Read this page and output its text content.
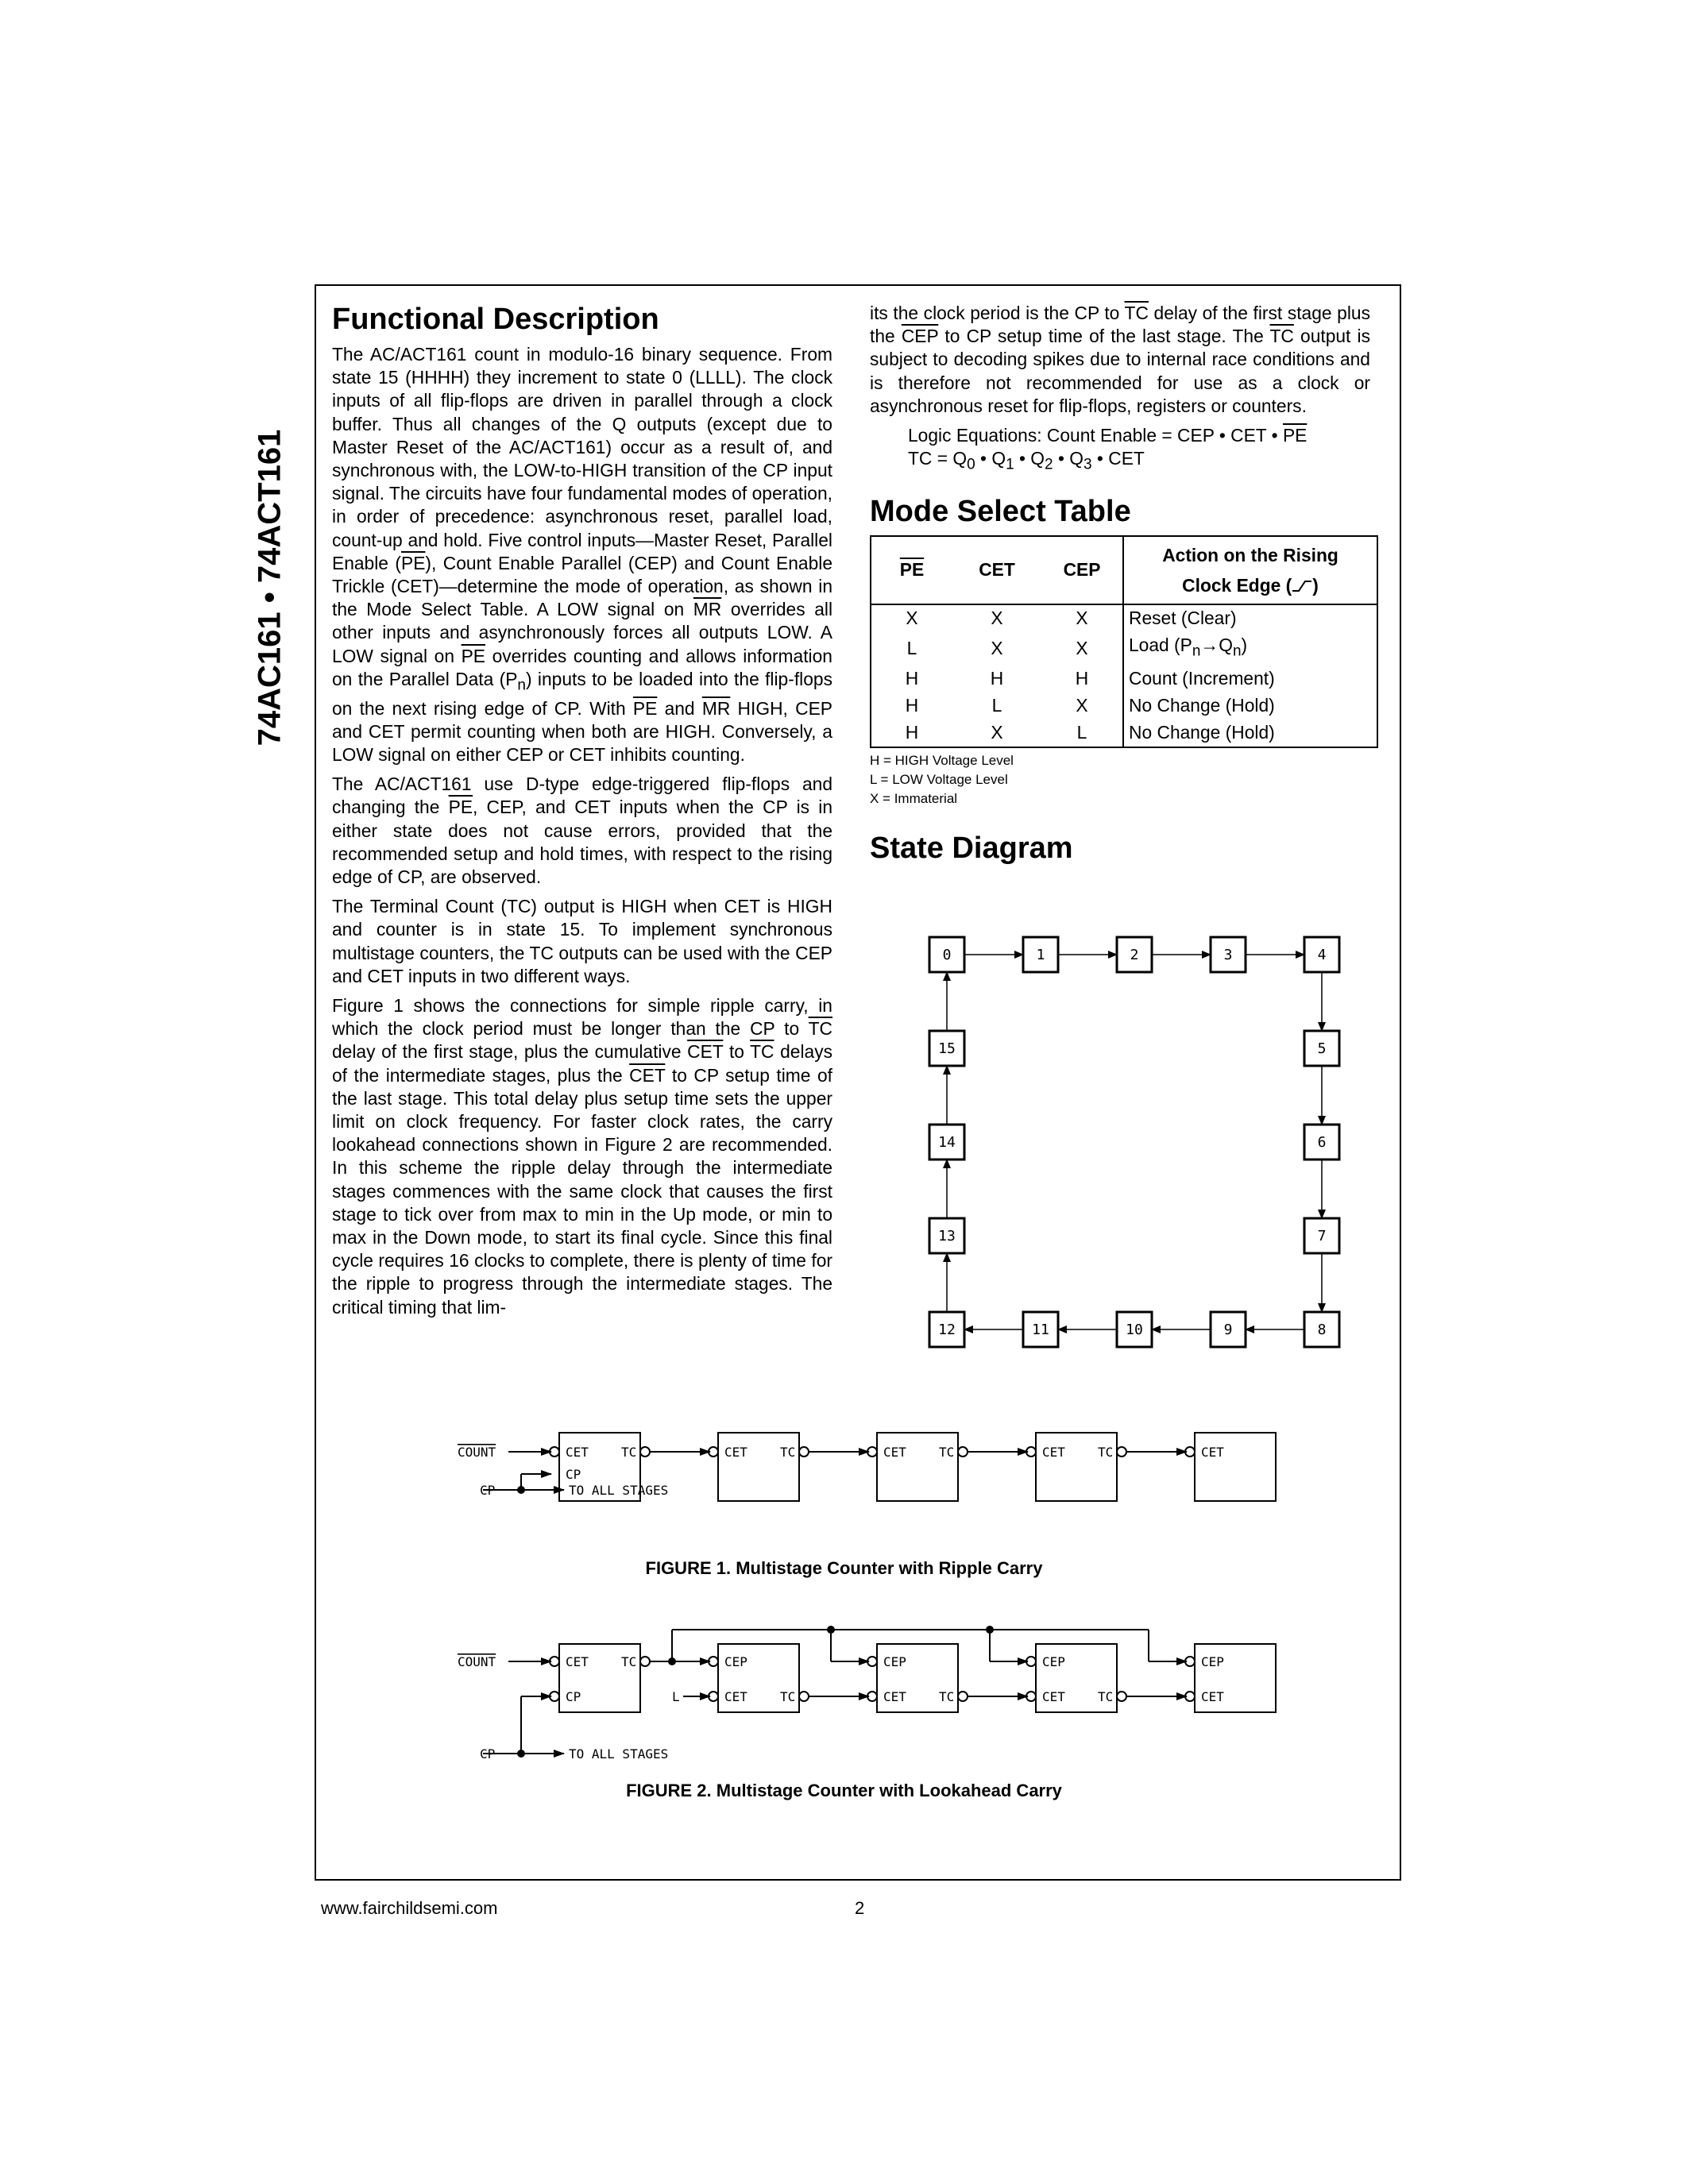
74AC161 • 74ACT161
Functional Description

The AC/ACT161 count in modulo-16 binary sequence. From state 15 (HHHH) they increment to state 0 (LLLL). The clock inputs of all flip-flops are driven in parallel through a clock buffer. Thus all changes of the Q outputs (except due to Master Reset of the AC/ACT161) occur as a result of, and synchronous with, the LOW-to-HIGH transition of the CP input signal. The circuits have four fundamental modes of operation, in order of precedence: asynchronous reset, parallel load, count-up and hold. Five control inputs—Master Reset, Parallel Enable $(\overline{PE})$, Count Enable Parallel (CEP) and Count Enable Trickle (CET)—determine the mode of operation, as shown in the Mode Select Table. A LOW signal on $\overline{MR}$ overrides all other inputs and asynchronously forces all outputs LOW. A LOW signal on $\overline{PE}$ overrides counting and allows information on the Parallel Data $(P_n)$ inputs to be loaded into the flip-flops on the next rising edge of CP. With $\overline{PE}$ and $\overline{MR}$ HIGH, CEP and CET permit counting when both are HIGH. Conversely, a LOW signal on either CEP or CET inhibits counting.

The AC/ACT161 use D-type edge-triggered flip-flops and changing the $\overline{PE}$, CEP, and CET inputs when the CP is in either state does not cause errors, provided that the recommended setup and hold times, with respect to the rising edge of CP, are observed.

The Terminal Count (TC) output is HIGH when CET is HIGH and counter is in state 15. To implement synchronous multistage counters, the TC outputs can be used with the CEP and CET inputs in two different ways.

Figure 1 shows the connections for simple ripple carry, in which the clock period must be longer than the CP to $\overline{TC}$ delay of the first stage, plus the cumulative $\overline{CET}$ to $\overline{TC}$ delays of the intermediate stages, plus the $\overline{CET}$ to CP setup time of the last stage. This total delay plus setup time sets the upper limit on clock frequency. For faster clock rates, the carry lookahead connections shown in Figure 2 are recommended. In this scheme the ripple delay through the intermediate stages commences with the same clock that causes the first stage to tick over from max to min in the Up mode, or min to max in the Down mode, to start its final cycle. Since this final cycle requires 16 clocks to complete, there is plenty of time for the ripple to progress through the intermediate stages. The critical timing that lim-

its the clock period is the CP to $\overline{TC}$ delay of the first stage plus the $\overline{CEP}$ to CP setup time of the last stage. The $\overline{TC}$ output is subject to decoding spikes due to internal race conditions and is therefore not recommended for use as a clock or asynchronous reset for flip-flops, registers or counters.

Logic Equations: Count Enable = CEP • CET • $\overline{PE}$

TC = $Q_0$ • $Q_1$ • $Q_2$ • $Q_3$ • CET

Mode Select Table
$\overline{PE}$	CET	CEP	Action on the Rising
Clock Edge ( )
X	X	X	Reset (Clear)
L	X	X	Load $(P_n\to Q_n)$
H	H	H	Count (Increment)
H	L	X	No Change (Hold)
H	X	L	No Change (Hold)
H = HIGH Voltage Level
L = LOW Voltage Level
X = Immaterial
State Diagram
0	1	2	3	4
5
6
7
8
9
10
11
12
13
14
15
COUNT
CP	TO ALL STAGES
CET	TC
CP
CET	TC	CET	TC	CET	TC	CET
FIGURE 1. Multistage Counter with Ripple Carry
COUNT
CP	TO ALL STAGES
CET	TC
CP	L
CEP
CET	TC
CEP
CET	TC
CEP
CET	TC
CEP
CET
FIGURE 2. Multistage Counter with Lookahead Carry
www.fairchildsemi.com	2
